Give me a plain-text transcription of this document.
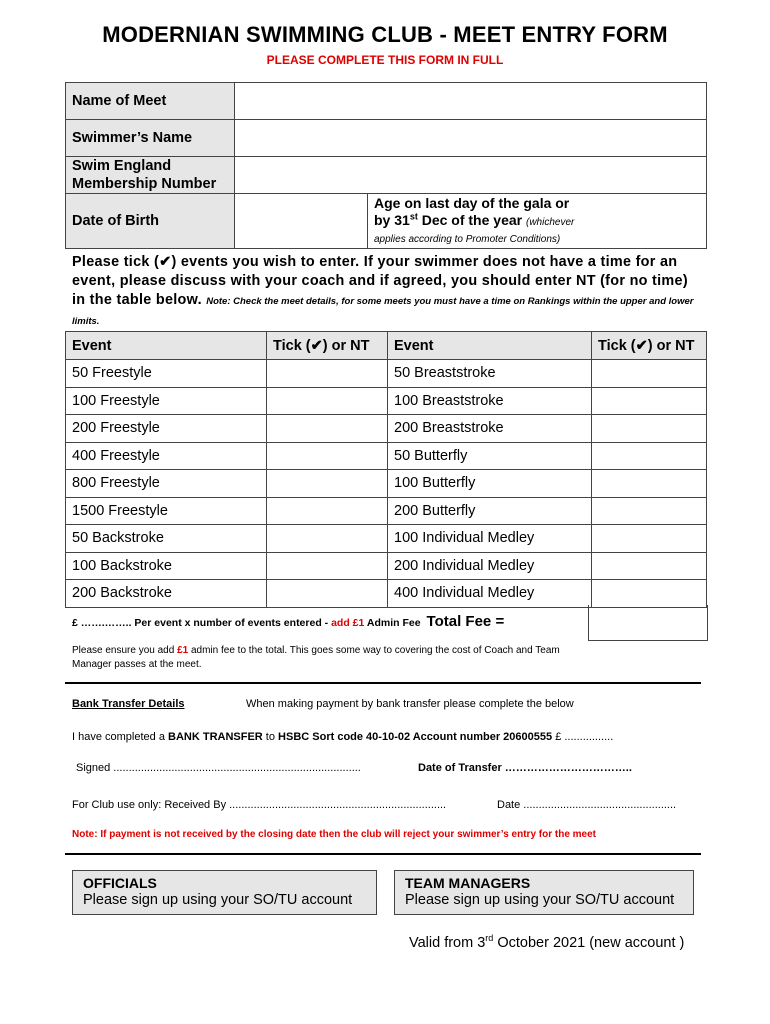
MODERNIAN SWIMMING CLUB - MEET ENTRY FORM
PLEASE COMPLETE THIS FORM IN FULL
Name of Meet		
Swimmer’s Name		
Swim England Membership Number		
Date of Birth		Age on last day of the gala or
by 31st Dec of the year (whichever
applies according to Promoter Conditions)
Please tick (✔) events you wish to enter. If your swimmer does not have a time for an event, please discuss with your coach and if agreed, you should enter NT (for no time) in the table below. Note: Check the meet details, for some meets you must have a time on Rankings within the upper and lower limits.
Event	Tick (✔) or NT	Event	Tick (✔) or NT
50 Freestyle		50 Breaststroke	
100 Freestyle		100 Breaststroke	
200 Freestyle		200 Breaststroke	
400 Freestyle		50 Butterfly	
800 Freestyle		100 Butterfly	
1500 Freestyle		200 Butterfly	
50 Backstroke		100 Individual Medley	
100 Backstroke		200 Individual Medley	
200 Backstroke		400 Individual Medley	
£ …….…….. Per event x number of events entered - add £1 Admin Fee Total Fee =
Please ensure you add £1 admin fee to the total. This goes some way to covering the cost of Coach and Team Manager passes at the meet.
Bank Transfer Details	When making payment by bank transfer please complete the below
I have completed a BANK TRANSFER to HSBC Sort code 40-10-02 Account number 20600555 £ ................
Signed .................................................................................	Date of Transfer ……………………………..
For Club use only: Received By .......................................................................	Date ..................................................
Note: If payment is not received by the closing date then the club will reject your swimmer’s entry for the meet
OFFICIALS
Please sign up using your SO/TU account
TEAM MANAGERS
Please sign up using your SO/TU account
Valid from 3rd October 2021 (new account )
